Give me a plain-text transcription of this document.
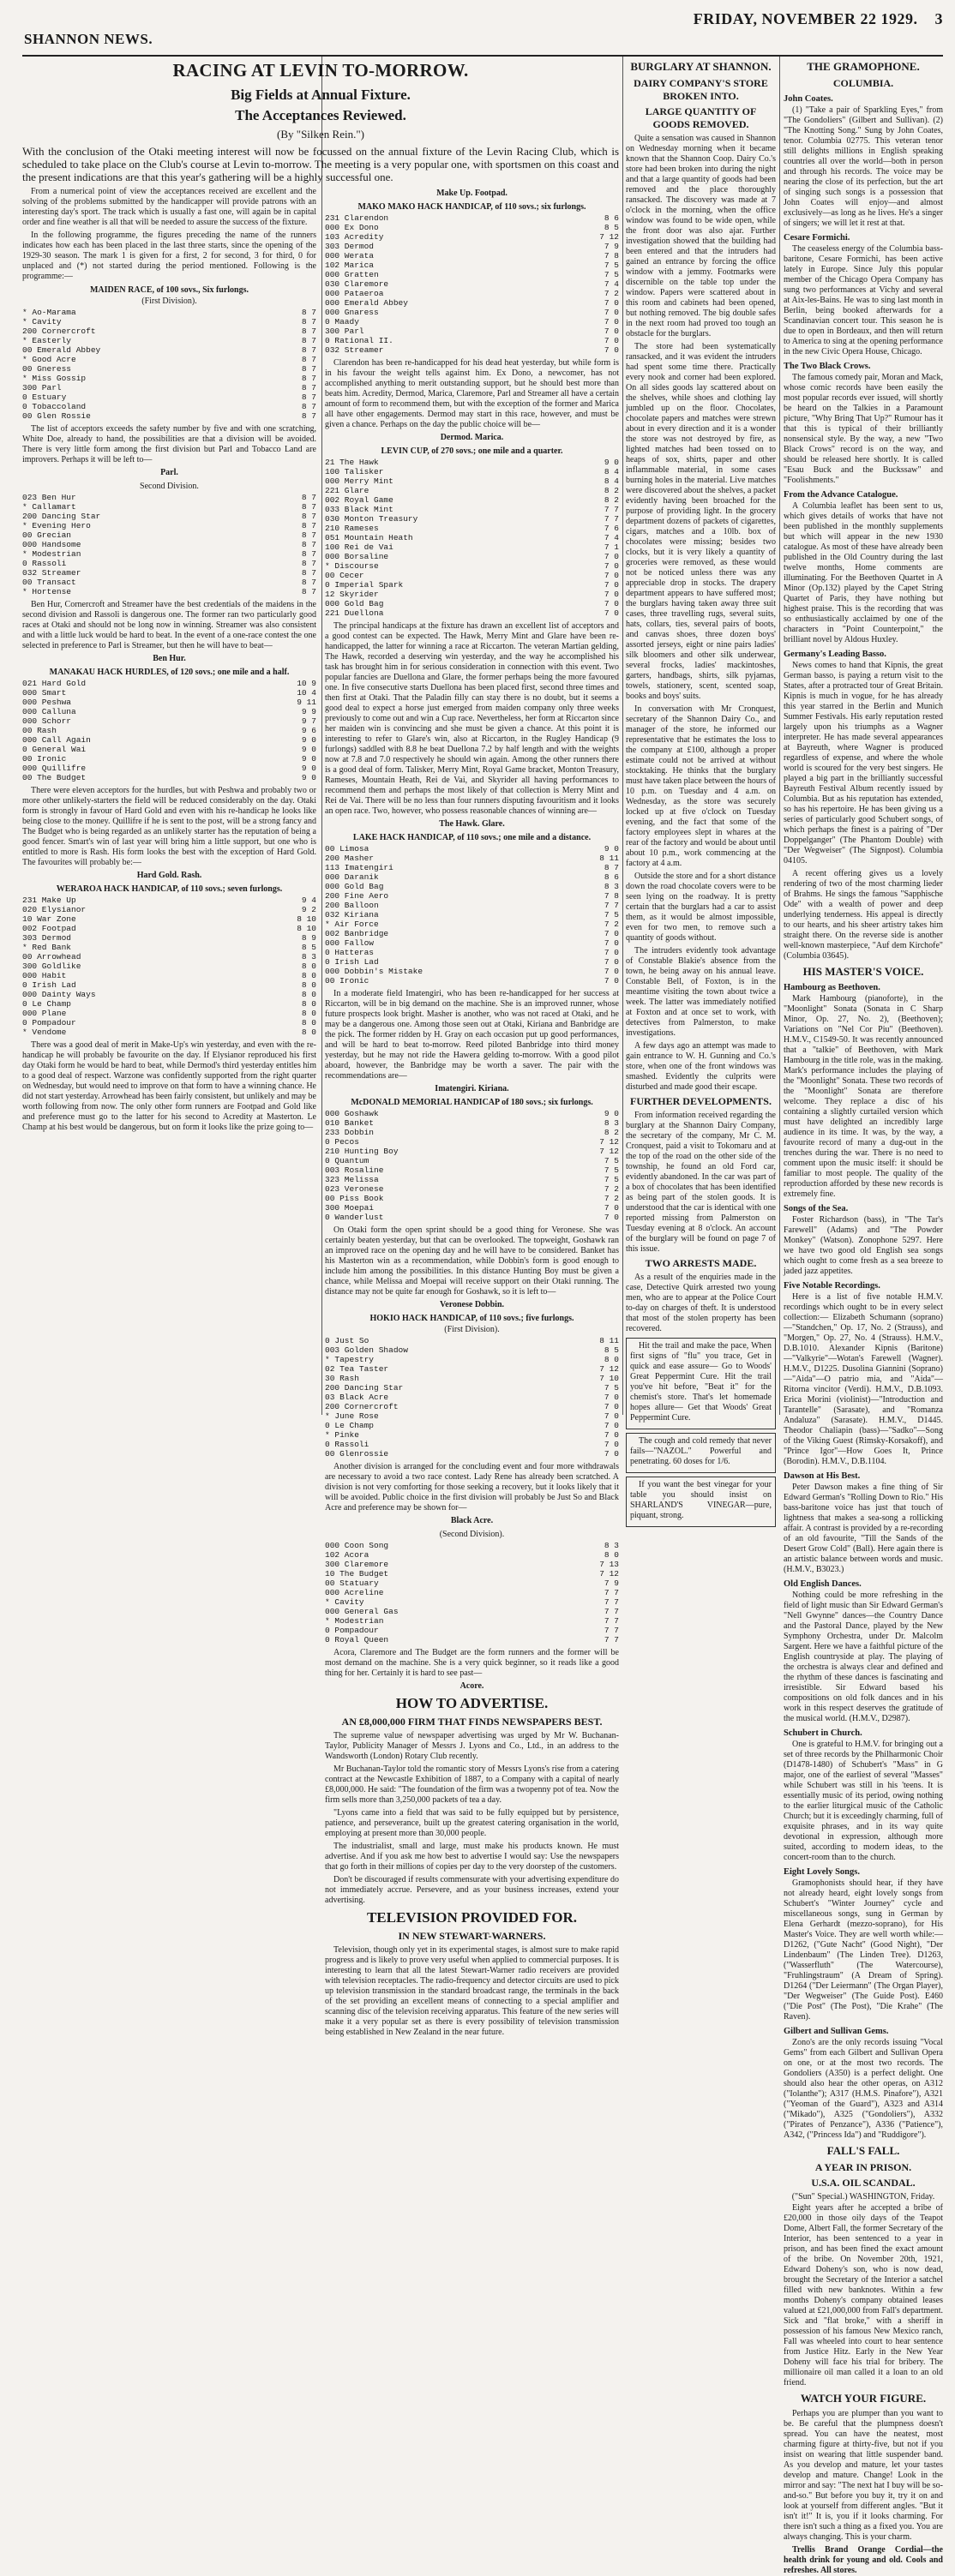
FRIDAY, NOVEMBER 22 1929. 3
SHANNON NEWS.
RACING AT LEVIN TO-MORROW.
Big Fields at Annual Fixture.
The Acceptances Reviewed.
(By "Silken Rein.")
With the conclusion of the Otaki meeting interest will now be focussed on the annual fixture of the Levin Racing Club, which is scheduled to take place on the Club's course at Levin to-morrow. The meeting is a very popular one, with sportsmen on this coast and the present indications are that this year's gathering will be a highly successful one.

From a numerical point of view the acceptances received are excellent and the solving of the problems submitted by the handicapper will provide patrons with an interesting day's sport. The track which is usually a fast one, will again be in capital order and fine weather is all that will be needed to assure the success of the fixture.

In the following programme, the figures preceding the name of the runners indicates how each has been placed in the last three starts, since the opening of the 1929-30 season. The mark 1 is given for a first, 2 for second, 3 for third, 0 for unplaced and (*) not started during the period mentioned. Following is the programme:—

MAIDEN RACE, of 100 sovs., Six furlongs.
(First Division).
* Ao-Marama	8 7
* Cavity	8 7
200 Cornercroft	8 7
* Easterly	8 7
00 Emerald Abbey	8 7
* Good Acre	8 7
00 Gneress	8 7
* Miss Gossip	8 7
300 Parl	8 7
0 Estuary	8 7
0 Tobaccoland	8 7
00 Glen Rossie	8 7

The list of acceptors exceeds the safety number by five and with one scratching, White Doe, already to hand, the possibilities are that a division will be avoided. There is very little form among the first division but Parl and Tobacco Land are improvers. Perhaps it will be left to—

Parl.
Second Division.
023 Ben Hur	8 7
* Callamart	8 7
200 Dancing Star	8 7
* Evening Hero	8 7
00 Grecian	8 7
000 Handsome	8 7
* Modestrian	8 7
0 Rassoli	8 7
032 Streamer	8 7
00 Transact	8 7
* Hortense	8 7

Ben Hur, Cornercroft and Streamer have the best credentials of the maidens in the second division and Rassoli is dangerous one. The former ran two particularly good races at Otaki and should not be long now in winning. Streamer was also consistent and with a little luck would be hard to beat. In the event of a one-race contest the one selected in preference to Parl is Streamer, but then he will have to beat—

Ben Hur.
MANAKAU HACK HURDLES, of 120 sovs.; one mile and a half.
021 Hard Gold	10 9
000 Smart	10 4
000 Peshwa	9 11
000 Calluna	9 9
000 Schorr	9 7
00 Rash	9 6
000 Call Again	9 0
0 General Wai	9 0
00 Ironic	9 0
000 Quillifre	9 0
00 The Budget	9 0

There were eleven acceptors for the hurdles, but with Peshwa and probably two or more other unlikely-starters the field will be reduced considerably on the day. Otaki form is strongly in favour of Hard Gold and even with his re-handicap he looks like being close to the money. Quillifre if he is sent to the post, will be a strong fancy and The Budget who is being regarded as an unlikely starter has the reputation of being a good fencer. Smart's win of last year will bring him a little support, but one who is entitled to more is Rash. His form looks the best with the exception of Hard Gold. The favourites will probably be:—

Hard Gold. Rash.
WERAROA HACK HANDICAP, of 110 sovs.; seven furlongs.
231 Make Up	9 4
020 Elysianor	9 2
10 War Zone	8 10
002 Footpad	8 10
303 Dermod	8 9
* Red Bank	8 5
00 Arrowhead	8 3
300 Goldlike	8 0
000 Habit	8 0
0 Irish Lad	8 0
000 Dainty Ways	8 0
0 Le Champ	8 0
000 Plane	8 0
0 Pompadour	8 0
* Vendome	8 0

There was a good deal of merit in Make-Up's win yesterday, and even with the re-handicap he will probably be favourite on the day. If Elysianor reproduced his first day Otaki form he would be hard to beat, while Dermod's third yesterday entitles him to a good deal of respect. Warzone was confidently supported from the right quarter on Wednesday, but would need to improve on that form to have a winning chance. He did not start yesterday. Arrowhead has been fairly consistent, but unlikely and may be worth following from now. The only other form runners are Footpad and Gold like and preference must go to the latter for his second to Acredity at Masterton. Le Champ at his best would be dangerous, but on form it looks like the prize going to—

Make Up. Footpad.
MAKO MAKO HACK HANDICAP, of 110 sovs.; six furlongs.
231 Clarendon	8 6
000 Ex Dono	8 5
103 Acredity	7 12
303 Dermod	7 9
000 Werata	7 8
102 Marica	7 5
000 Gratten	7 5
030 Claremore	7 4
000 Pataeroa	7 2
000 Emerald Abbey	7 0
000 Gnaress	7 0
0 Maady	7 0
300 Parl	7 0
0 Rational II.	7 0
032 Streamer	7 0

Clarendon has been re-handicapped for his dead heat yesterday, but while form is in his favour the weight tells against him. Ex Dono, a newcomer, has not accomplished anything to merit outstanding support, but he should best more than beats him. Acredity, Dermod, Marica, Claremore, Parl and Streamer all have a certain amount of form to recommend them, but with the exception of the former and Marica all have other engagements. Dermod may start in this race, however, and must be given a chance. Perhaps on the day the public choice will be—

Dermod. Marica.
LEVIN CUP, of 270 sovs.; one mile and a quarter.
21 The Hawk	9 0
100 Talisker	8 4
000 Merry Mint	8 4
221 Glare	8 2
002 Royal Game	8 2
033 Black Mint	7 7
030 Monton Treasury	7 7
210 Rameses	7 6
051 Mountain Heath	7 4
100 Rei de Vai	7 1
000 Borsaline	7 0
* Discourse	7 0
00 Cecer	7 0
0 Imperial Spark	7 0
12 Skyrider	7 0
000 Gold Bag	7 0
221 Duellona	7 0

The principal handicaps at the fixture has drawn an excellent list of acceptors and a good contest can be expected. The Hawk, Merry Mint and Glare have been re-handicapped, the latter for winning a race at Riccarton. The veteran Martian gelding, The Hawk, recorded a deserving win yesterday, and the way he accomplished his task has brought him in for serious consideration in connection with this event. Two popular fancies are Duellona and Glare, the former perhaps being the more favoured one. In five consecutive starts Duellona has been placed first, second three times and then first at Otaki. That the Paladin filly can stay there is no doubt, but it seems a good deal to expect a horse just emerged from maiden company only three weeks previously to come out and win a Cup race. Nevertheless, her form at Riccarton since her maiden win is convincing and she must be given a chance. At this point it is interesting to refer to Glare's win, also at Riccarton, in the Rugley Handicap (9 furlongs) saddled with 8.8 he beat Duellona 7.2 by half length and with the weights now at 7.8 and 7.0 respectively he should win again. Among the other runners there is a good deal of form. Talisker, Merry Mint, Royal Game bracket, Monton Treasury, Rameses, Mountain Heath, Rei de Vai, and Skyrider all having performances to recommend them and perhaps the most likely of that collection is Merry Mint and Rei de Vai. There will be no less than four runners disputing favouritism and it looks an open race. Two, however, who possess reasonable chances of winning are—

The Hawk. Glare.
LAKE HACK HANDICAP, of 110 sovs.; one mile and a distance.
00 Limosa	9 0
200 Masher	8 11
113 Imatengiri	8 7
000 Daranik	8 6
000 Gold Bag	8 3
200 Fine Aero	7 8
200 Balloon	7 7
032 Kiriana	7 5
* Air Force	7 2
002 Banbridge	7 0
000 Fallow	7 0
0 Hatteras	7 0
0 Irish Lad	7 0
000 Dobbin's Mistake	7 0
00 Ironic	7 0

In a moderate field Imatengiri, who has been re-handicapped for her success at Riccarton, will be in big demand on the machine. She is an improved runner, whose future prospects look bright. Masher is another, who was not raced at Otaki, and he may be a dangerous one. Among those seen out at Otaki, Kiriana and Banbridge are the pick. The former ridden by H. Gray on each occasion put up good performances, and will be hard to beat to-morrow. Reed piloted Banbridge into third money yesterday, but he may not ride the Hawera gelding to-morrow. With a good pilot aboard, however, the Banbridge may be worth a saver. The pair with the recommendations are—

Imatengiri. Kiriana.
McDONALD MEMORIAL HANDICAP of 180 sovs.; six furlongs.
000 Goshawk	9 0
010 Banket	8 3
233 Dobbin	8 2
0 Pecos	7 12
210 Hunting Boy	7 12
0 Quantum	7 5
003 Rosaline	7 5
323 Melissa	7 5
023 Veronese	7 2
00 Piss Book	7 2
300 Moepai	7 0
0 Wanderlust	7 0

On Otaki form the open sprint should be a good thing for Veronese. She was certainly beaten yesterday, but that can be overlooked. The topweight, Goshawk ran an improved race on the opening day and he will have to be considered. Banket has his Masterton win as a recommendation, while Dobbin's form is good enough to include him among the possibilities. In this distance Hunting Boy must be given a chance, while Melissa and Moepai will receive support on their Otaki running. The distance may not be quite far enough for Goshawk, so it is left to—

Veronese Dobbin.
HOKIO HACK HANDICAP, of 110 sovs.; five furlongs.
(First Division).
0 Just So	8 11
003 Golden Shadow	8 5
* Tapestry	8 0
02 Tea Taster	7 12
30 Rash	7 10
200 Dancing Star	7 5
03 Black Acre	7 0
200 Cornercroft	7 0
* June Rose	7 0
0 Le Champ	7 0
* Pinke	7 0
0 Rassoli	7 0
00 Glenrossie	7 0

Another division is arranged for the concluding event and four more withdrawals are necessary to avoid a two race contest. Lady Rene has already been scratched. A division is not very comforting for those seeking a recovery, but it looks likely that it will be avoided. Public choice in the first division will probably be Just So and Black Acre and preference may be shown for—

Black Acre.
(Second Division).
000 Coon Song	8 3
102 Acora	8 0
300 Claremore	7 13
10 The Budget	7 12
00 Statuary	7 9
000 Acreline	7 7
* Cavity	7 7
000 General Gas	7 7
* Modestrian	7 7
0 Pompadour	7 7
0 Royal Queen	7 7

Acora, Claremore and The Budget are the form runners and the former will be most demand on the machine. She is a very quick beginner, so it reads like a good thing for her. Certainly it is hard to see past—

Acore.
HOW TO ADVERTISE.
AN £8,000,000 FIRM THAT FINDS NEWSPAPERS BEST.

The supreme value of newspaper advertising was urged by Mr W. Buchanan-Taylor, Publicity Manager of Messrs J. Lyons and Co., Ltd., in an address to the Wandsworth (London) Rotary Club recently.

Mr Buchanan-Taylor told the romantic story of Messrs Lyons's rise from a catering contract at the Newcastle Exhibition of 1887, to a Company with a capital of nearly £8,000,000. He said: "The foundation of the firm was a twopenny pot of tea. Now the firm sells more than 3,250,000 packets of tea a day.

"Lyons came into a field that was said to be fully equipped but by persistence, patience, and perseverance, built up the greatest catering organisation in the world, employing at present more than 30,000 people.

The industrialist, small and large, must make his products known. He must advertise. And if you ask me how best to advertise I would say: Use the newspapers that go forth in their millions of copies per day to the very doorstep of the customers.

Don't be discouraged if results commensurate with your advertising expenditure do not immediately accrue. Persevere, and as your business increases, extend your advertising.

TELEVISION PROVIDED FOR.
IN NEW STEWART-WARNERS.

Television, though only yet in its experimental stages, is almost sure to make rapid progress and is likely to prove very useful when applied to commercial purposes. It is interesting to learn that all the latest Stewart-Warner radio receivers are provided with television receptacles. The radio-frequency and detector circuits are used to pick up television transmission in the standard broadcast range, the terminals in the back of the set providing an excellent means of connecting to a special amplifier and scanning disc of the television receiving apparatus. This feature of the new series will make it a very popular set as there is every possibility of television transmission being established in New Zealand in the near future.

BURGLARY AT SHANNON.
DAIRY COMPANY'S STORE BROKEN INTO.
LARGE QUANTITY OF GOODS REMOVED.

Quite a sensation was caused in Shannon on Wednesday morning when it became known that the Shannon Coop. Dairy Co.'s store had been broken into during the night and that a large quantity of goods had been removed and the place thoroughly ransacked. The discovery was made at 7 o'clock in the morning, when the office window was found to be wide open, while the front door was also ajar. Further investigation showed that the building had been entered and that the intruders had gained an entrance by forcing the office window with a jemmy. Footmarks were discernible on the table top under the window. Papers were scattered about in this room and cabinets had been opened, but nothing removed. The big double safes in the next room had proved too tough an obstacle for the burglars.

The store had been systematically ransacked, and it was evident the intruders had spent some time there. Practically every nook and corner had been explored. On all sides goods lay scattered about on the shelves, while shoes and clothing lay jumbled up on the floor. Chocolates, chocolate papers and matches were strewn about in every direction and it is a wonder the store was not destroyed by fire, as lighted matches had been tossed on to heaps of sox, shirts, paper and other inflammable material, in some cases burning holes in the material. Live matches were discovered about the shelves, a packet evidently having been broached for the purpose of providing light. In the grocery department dozens of packets of cigarettes, cigars, matches and a 10lb. box of chocolates were missing; besides two clocks, but it is very likely a quantity of groceries were removed, as these would not be noticed unless there was any appreciable drop in stocks. The drapery department appears to have suffered most; the burglars having taken away three suit cases, three travelling rugs, several suits, hats, collars, ties, several pairs of boots, and canvas shoes, three dozen boys' assorted jerseys, eight or nine pairs ladies' silk bloomers and other silk underwear, several frocks, ladies' mackintoshes, garters, handbags, shirts, silk pyjamas, towels, stationery, scent, scented soap, books and boys' suits.

In conversation with Mr Cronquest, secretary of the Shannon Dairy Co., and manager of the store, he informed our representative that he estimates the loss to the company at £100, although a proper estimate could not be arrived at without stocktaking. He thinks that the burglary must have taken place between the hours of 10 p.m. on Tuesday and 4 a.m. on Wednesday, as the store was securely locked up at five o'clock on Tuesday evening, and the fact that some of the factory employees slept in whares at the rear of the factory and would be about until about 10 p.m., work commencing at the factory at 4 a.m.

Outside the store and for a short distance down the road chocolate covers were to be seen lying on the roadway. It is pretty certain that the burglars had a car to assist them, as it would be almost impossible, even for two men, to remove such a quantity of goods without.

The intruders evidently took advantage of Constable Blakie's absence from the town, he being away on his annual leave. Constable Bell, of Foxton, is in the meantime visiting the town about twice a week. The latter was immediately notified at Foxton and at once set to work, with detectives from Palmerston, to make investigations.

A few days ago an attempt was made to gain entrance to W. H. Gunning and Co.'s store, when one of the front windows was smashed. Evidently the culprits were disturbed and made good their escape.

FURTHER DEVELOPMENTS.

From information received regarding the burglary at the Shannon Dairy Company, the secretary of the company, Mr C. M. Cronquest, paid a visit to Tokomaru and at the top of the road on the other side of the township, he found an old Ford car, evidently abandoned. In the car was part of a box of chocolates that has been identified as being part of the stolen goods. It is understood that the car is identical with one reported missing from Palmerston on Tuesday evening at 8 o'clock. An account of the burglary will be found on page 7 of this issue.

TWO ARRESTS MADE.

As a result of the enquiries made in the case, Detective Quirk arrested two young men, who are to appear at the Police Court to-day on charges of theft. It is understood that most of the stolen property has been recovered.

Hit the trail and make the pace, When first signs of "flu" you trace, Get in quick and ease assure— Go to Woods' Great Peppermint Cure. Hit the trail you've hit before, "Beat it" for the chemist's store. That's let homemade hopes allure— Get that Woods' Great Peppermint Cure.

The cough and cold remedy that never fails—"NAZOL." Powerful and penetrating. 60 doses for 1/6.

If you want the best vinegar for your table you should insist on SHARLAND'S VINEGAR—pure, piquant, strong.

THE GRAMOPHONE.
COLUMBIA.
John Coates.

(1) "Take a pair of Sparkling Eyes," from "The Gondoliers" (Gilbert and Sullivan). (2) "The Knotting Song." Sung by John Coates, tenor. Columbia 02775. This veteran tenor still delights millions in English speaking countries all over the world—both in person and through his records. The voice may be nearing the close of its perfection, but the art of singing such songs is a possession that John Coates will enjoy—and almost exclusively—as long as he lives. He's a singer of singers; we will let it rest at that.

Cesare Formichi.

The ceaseless energy of the Columbia bass-baritone, Cesare Formichi, has been active lately in Europe. Since July this popular member of the Chicago Opera Company has sung two performances at Vichy and several at Aix-les-Bains. He was to sing last month in Berlin, being booked afterwards for a Scandinavian concert tour. This season he is due to open in Bordeaux, and then will return to America to sing at the opening performance in the new Civic Opera House, Chicago.

The Two Black Crows.

The famous comedy pair, Moran and Mack, whose comic records have been easily the most popular records ever issued, will shortly be heard on the Talkies in a Paramount picture, "Why Bring That Up?" Rumour has it that this is typical of their brilliantly nonsensical style. By the way, a new "Two Black Crows" record is on the way, and should be released here shortly. It is called "Esau Buck and the Buckssaw" and "Foolishments."

From the Advance Catalogue.

A Columbia leaflet has been sent to us, which gives details of works that have not been published in the monthly supplements but which will appear in the new 1930 catalogue. As most of these have already been published in the Old Country during the last twelve months, Home comments are illuminating. For the Beethoven Quartet in A Minor (Op.132) played by the Capet String Quartet of Paris, they have nothing but highest praise. This is the recording that was so enthusiastically acclaimed by one of the characters in "Point Counterpoint," the brilliant novel by Aldous Huxley.

Germany's Leading Basso.

News comes to hand that Kipnis, the great German basso, is paying a return visit to the States, after a protracted tour of Great Britain. Kipnis is much in vogue, for he has already this year starred in the Berlin and Munich Summer Festivals. His early reputation rested largely upon his triumphs as a Wagner interpreter. He has made several appearances at Bayreuth, where Wagner is produced regardless of expense, and where the whole world is scoured for the very best singers. He played a big part in the brilliantly successful Bayreuth Festival Album recently issued by Columbia. But as his reputation has extended, so has his repertoire. He has been giving us a series of particularly good Schubert songs, of which perhaps the finest is a pairing of "Der Doppelganger" (The Phantom Double) with "Der Wegweiser" (The Signpost). Columbia 04105.

A recent offering gives us a lovely rendering of two of the most charming lieder of Brahms. He sings the famous "Sapphische Ode" with a wealth of power and deep underlying tenderness. His appeal is directly to our hearts, and his sheer artistry takes him straight there. On the reverse side is another well-known masterpiece, "Auf dem Kirchofe" (Columbia 03645).

HIS MASTER'S VOICE.
Hambourg as Beethoven.

Mark Hambourg (pianoforte), in the "Moonlight" Sonata (Sonata in C Sharp Minor, Op. 27, No. 2), (Beethoven); Variations on "Nel Cor Piu" (Beethoven). H.M.V., C1549-50. It was recently announced that a "talkie" of Beethoven, with Mark Hambourg in the title role, was in the making. Mark's performance includes the playing of the "Moonlight" Sonata. These two records of the "Moonlight" Sonata are therefore welcome. They replace a disc of his containing a slightly curtailed version which must have delighted an incredibly large audience in its time. It was, by the way, a favourite record of many a dug-out in the trenches during the war. There is no need to comment upon the music itself: it should be familiar to most people. The quality of the reproduction afforded by these new records is extremely fine.

Songs of the Sea.

Foster Richardson (bass), in "The Tar's Farewell" (Adams) and "The Powder Monkey" (Watson). Zonophone 5297. Here we have two good old English sea songs which ought to come fresh as a sea breeze to jaded jazz appetites.

Five Notable Recordings.

Here is a list of five notable H.M.V. recordings which ought to be in every select collection:— Elizabeth Schumann (soprano)—"Standchen," Op. 17, No. 2 (Strauss), and "Morgen," Op. 27, No. 4 (Strauss). H.M.V., D.B.1010. Alexander Kipnis (Baritone)—"Valkyrie"—Wotan's Farewell (Wagner). H.M.V., D1225. Dusolina Giannini (Soprano)—"Aida"—O patrio mia, and "Aida"—Ritorna vincitor (Verdi). H.M.V., D.B.1093. Erica Morini (violinist)—"Introduction and Tarantelle" (Sarasate), and "Romanza Andaluza" (Sarasate). H.M.V., D1445. Theodor Chaliapin (bass)—"Sadko"—Song of the Viking Guest (Rimsky-Korsakoff), and "Prince Igor"—How Goes It, Prince (Borodin). H.M.V., D.B.1104.

Dawson at His Best.

Peter Dawson makes a fine thing of Sir Edward German's "Rolling Down to Rio." His bass-baritone voice has just that touch of lightness that makes a sea-song a rollicking affair. A contrast is provided by a re-recording of an old favourite, "Till the Sands of the Desert Grow Cold" (Ball). Here again there is an artistic balance between words and music. (H.M.V., B3023.)

Old English Dances.

Nothing could be more refreshing in the field of light music than Sir Edward German's "Nell Gwynne" dances—the Country Dance and the Pastoral Dance, played by the New Symphony Orchestra, under Dr. Malcolm Sargent. Here we have a faithful picture of the English countryside at play. The playing of the orchestra is always clear and defined and the rhythm of these dances is fascinating and irresistible. Sir Edward based his compositions on old folk dances and in his work in this respect deserves the gratitude of the musical world. (H.M.V., D2987).

Schubert in Church.

One is grateful to H.M.V. for bringing out a set of three records by the Philharmonic Choir (D1478-1480) of Schubert's "Mass" in G major, one of the earliest of several "Masses" while Schubert was still in his 'teens. It is essentially music of its period, owing nothing to the earlier liturgical music of the Catholic Church; but it is exceedingly charming, full of exquisite phrases, and in its way quite devotional in expression, although more suited, according to modern ideas, to the concert-room than to the church.

Eight Lovely Songs.

Gramophonists should hear, if they have not already heard, eight lovely songs from Schubert's "Winter Journey" cycle and miscellaneous songs, sung in German by Elena Gerhardt (mezzo-soprano), for His Master's Voice. They are well worth while:— D1262, ("Gute Nacht" (Good Night), "Der Lindenbaum" (The Linden Tree). D1263, ("Wasserfluth" (The Watercourse), "Fruhlingstraum" (A Dream of Spring). D1264 ("Der Leiermann" (The Organ Player), "Der Wegweiser" (The Guide Post). E460 ("Die Post" (The Post), "Die Krahe" (The Raven).

Gilbert and Sullivan Gems.

Zono's are the only records issuing "Vocal Gems" from each Gilbert and Sullivan Opera on one, or at the most two records. The Gondoliers (A350) is a perfect delight. One should also hear the other operas, on A312 ("Iolanthe"); A317 (H.M.S. Pinafore"), A321 ("Yeoman of the Guard"), A323 and A314 ("Mikado"), A325 ("Gondoliers"), A332 ("Pirates of Penzance"), A336 ("Patience"), A342, ("Princess Ida") and "Ruddigore").

FALL'S FALL.
A YEAR IN PRISON.
U.S.A. OIL SCANDAL.
("Sun" Special.) WASHINGTON, Friday.

Eight years after he accepted a bribe of £20,000 in those oily days of the Teapot Dome, Albert Fall, the former Secretary of the Interior, has been sentenced to a year in prison, and has been fined the exact amount of the bribe. On November 20th, 1921, Edward Doheny's son, who is now dead, brought the Secretary of the Interior a satchel filled with new banknotes. Within a few months Doheny's company obtained leases valued at £21,000,000 from Fall's department. Sick and "flat broke," with a sheriff in possession of his famous New Mexico ranch, Fall was wheeled into court to hear sentence from Justice Hitz. Early in the New Year Doheny will face his trial for bribery. The millionaire oil man called it a loan to an old friend.

WATCH YOUR FIGURE.

Perhaps you are plumper than you want to be. Be careful that the plumpness doesn't spread. You can have the neatest, most charming figure at thirty-five, but not if you insist on wearing that little suspender band. As you develop and mature, let your tastes develop and mature. Change! Look in the mirror and say: "The next hat I buy will be so-and-so." But before you buy it, try it on and look at yourself from different angles. "But it isn't it!" It is, you if it looks charming. For there isn't such a thing as a fixed you. You are always changing. This is your charm.

Trellis Brand Orange Cordial—the health drink for young and old. Cools and refreshes. All stores.
